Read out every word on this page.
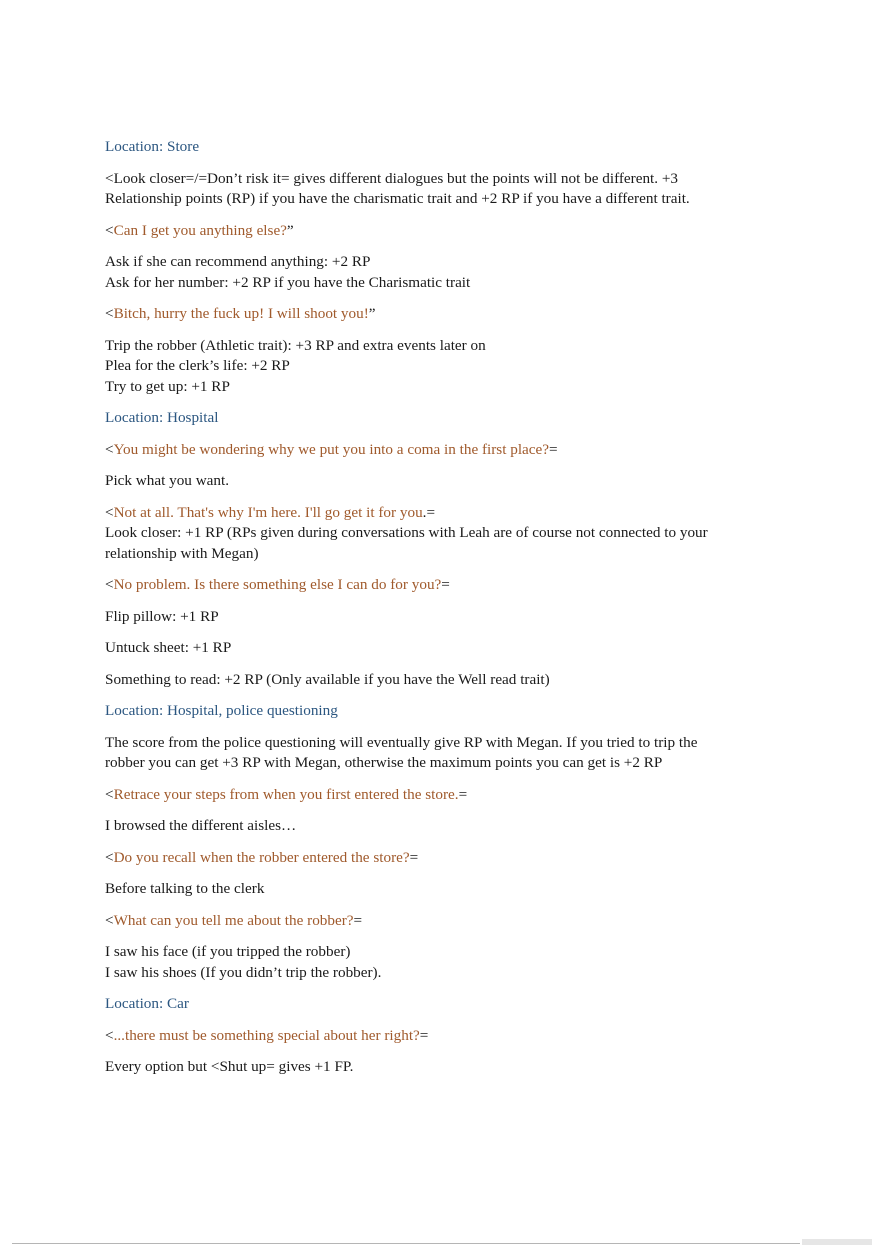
Location: Store

<Look closer=/=Don’t risk it= gives different dialogues but the points will not be different. +3 Relationship points (RP) if you have the charismatic trait and +2 RP if you have a different trait.

<Can I get you anything else?”

Ask if she can recommend anything: +2 RP
Ask for her number: +2 RP if you have the Charismatic trait

<Bitch, hurry the fuck up! I will shoot you!”

Trip the robber (Athletic trait): +3 RP and extra events later on
Plea for the clerk’s life: +2 RP
Try to get up: +1 RP

Location: Hospital

<You might be wondering why we put you into a coma in the first place?=

Pick what you want.

<Not at all. That's why I'm here. I'll go get it for you.=
Look closer: +1 RP (RPs given during conversations with Leah are of course not connected to your relationship with Megan)

<No problem. Is there something else I can do for you?=

Flip pillow: +1 RP

Untuck sheet: +1 RP

Something to read: +2 RP (Only available if you have the Well read trait)

Location: Hospital, police questioning

The score from the police questioning will eventually give RP with Megan. If you tried to trip the robber you can get +3 RP with Megan, otherwise the maximum points you can get is +2 RP

<Retrace your steps from when you first entered the store.=

I browsed the different aisles…

<Do you recall when the robber entered the store?=

Before talking to the clerk

<What can you tell me about the robber?=

I saw his face (if you tripped the robber)
I saw his shoes (If you didn’t trip the robber).

Location: Car

<...there must be something special about her right?=

Every option but <Shut up= gives +1 FP.
